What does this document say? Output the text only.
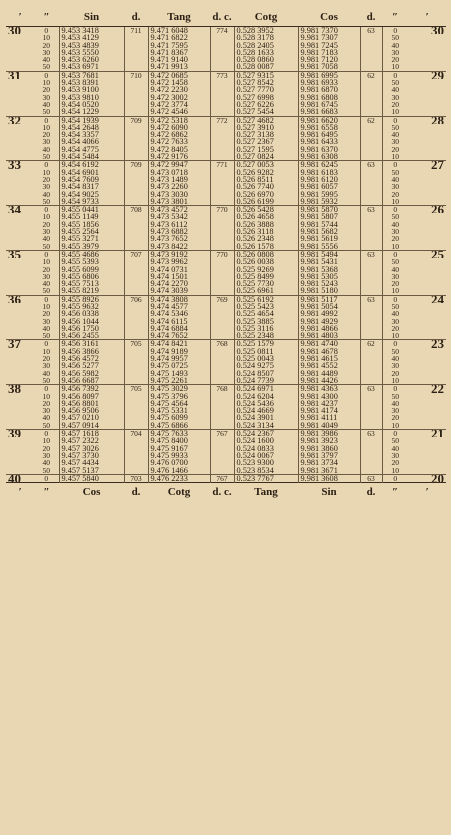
′	″	Sin	d.	Tang	d. c.	Cotg	Cos	d.	″	′
30	0	9.453 3418	711	9.471 6048	774	0.528 3952	9.981 7370	63	0	30
	10	9.453 4129		9.471 6822		0.528 3178	9.981 7307		50	
	20	9.453 4839		9.471 7595		0.528 2405	9.981 7245		40	
	30	9.453 5550		9.471 8367		0.528 1633	9.981 7183		30	
	40	9.453 6260		9.471 9140		0.528 0860	9.981 7120		20	
	50	9.453 6971		9.471 9913		0.528 0087	9.981 7058		10	
31	0	9.453 7681	710	9.472 0685	773	0.527 9315	9.981 6995	62	0	29
	10	9.453 8391		9.472 1458		0.527 8542	9.981 6933		50	
	20	9.453 9100		9.472 2230		0.527 7770	9.981 6870		40	
	30	9.453 9810		9.472 3002		0.527 6998	9.981 6808		30	
	40	9.454 0520		9.472 3774		0.527 6226	9.981 6745		20	
	50	9.454 1229		9.472 4546		0.527 5454	9.981 6683		10	
32	0	9.454 1939	709	9.472 5318	772	0.527 4682	9.981 6620	62	0	28
	10	9.454 2648		9.472 6090		0.527 3910	9.981 6558		50	
	20	9.454 3357		9.472 6862		0.527 3138	9.981 6495		40	
	30	9.454 4066		9.472 7633		0.527 2367	9.981 6433		30	
	40	9.454 4775		9.472 8405		0.527 1595	9.981 6370		20	
	50	9.454 5484		9.472 9176		0.527 0824	9.981 6308		10	
33	0	9.454 6192	709	9.472 9947	771	0.527 0053	9.981 6245	63	0	27
	10	9.454 6901		9.473 0718		0.526 9282	9.981 6183		50	
	20	9.454 7609		9.473 1489		0.526 8511	9.981 6120		40	
	30	9.454 8317		9.473 2260		0.526 7740	9.981 6057		30	
	40	9.454 9025		9.473 3030		0.526 6970	9.981 5995		20	
	50	9.454 9733		9.473 3801		0.526 6199	9.981 5932		10	
34	0	9.455 0441	708	9.473 4572	770	0.526 5428	9.981 5870	63	0	26
	10	9.455 1149		9.473 5342		0.526 4658	9.981 5807		50	
	20	9.455 1856		9.473 6112		0.526 3888	9.981 5744		40	
	30	9.455 2564		9.473 6882		0.526 3118	9.981 5682		30	
	40	9.455 3271		9.473 7652		0.526 2348	9.981 5619		20	
	50	9.455 3979		9.473 8422		0.526 1578	9.981 5556		10	
35	0	9.455 4686	707	9.473 9192	770	0.526 0808	9.981 5494	63	0	25
	10	9.455 5393		9.473 9962		0.526 0038	9.981 5431		50	
	20	9.455 6099		9.474 0731		0.525 9269	9.981 5368		40	
	30	9.455 6806		9.474 1501		0.525 8499	9.981 5305		30	
	40	9.455 7513		9.474 2270		0.525 7730	9.981 5243		20	
	50	9.455 8219		9.474 3039		0.525 6961	9.981 5180		10	
36	0	9.455 8926	706	9.474 3808	769	0.525 6192	9.981 5117	63	0	24
	10	9.455 9632		9.474 4577		0.525 5423	9.981 5054		50	
	20	9.456 0338		9.474 5346		0.525 4654	9.981 4992		40	
	30	9.456 1044		9.474 6115		0.525 3885	9.981 4929		30	
	40	9.456 1750		9.474 6884		0.525 3116	9.981 4866		20	
	50	9.456 2455		9.474 7652		0.525 2348	9.981 4803		10	
37	0	9.456 3161	705	9.474 8421	768	0.525 1579	9.981 4740	62	0	23
	10	9.456 3866		9.474 9189		0.525 0811	9.981 4678		50	
	20	9.456 4572		9.474 9957		0.525 0043	9.981 4615		40	
	30	9.456 5277		9.475 0725		0.524 9275	9.981 4552		30	
	40	9.456 5982		9.475 1493		0.524 8507	9.981 4489		20	
	50	9.456 6687		9.475 2261		0.524 7739	9.981 4426		10	
38	0	9.456 7392	705	9.475 3029	768	0.524 6971	9.981 4363	63	0	22
	10	9.456 8097		9.475 3796		0.524 6204	9.981 4300		50	
	20	9.456 8801		9.475 4564		0.524 5436	9.981 4237		40	
	30	9.456 9506		9.475 5331		0.524 4669	9.981 4174		30	
	40	9.457 0210		9.475 6099		0.524 3901	9.981 4111		20	
	50	9.457 0914		9.475 6866		0.524 3134	9.981 4049		10	
39	0	9.457 1618	704	9.475 7633	767	0.524 2367	9.981 3986	63	0	21
	10	9.457 2322		9.475 8400		0.524 1600	9.981 3923		50	
	20	9.457 3026		9.475 9167		0.524 0833	9.981 3860		40	
	30	9.457 3730		9.475 9933		0.524 0067	9.981 3797		30	
	40	9.457 4434		9.476 0700		0.523 9300	9.981 3734		20	
	50	9.457 5137		9.476 1466		0.523 8534	9.981 3671		10	
40	0	9.457 5840	703	9.476 2233	767	0.523 7767	9.981 3608	63	0	20
′	″	Cos	d.	Cotg	d. c.	Tang	Sin	d.	″	′
